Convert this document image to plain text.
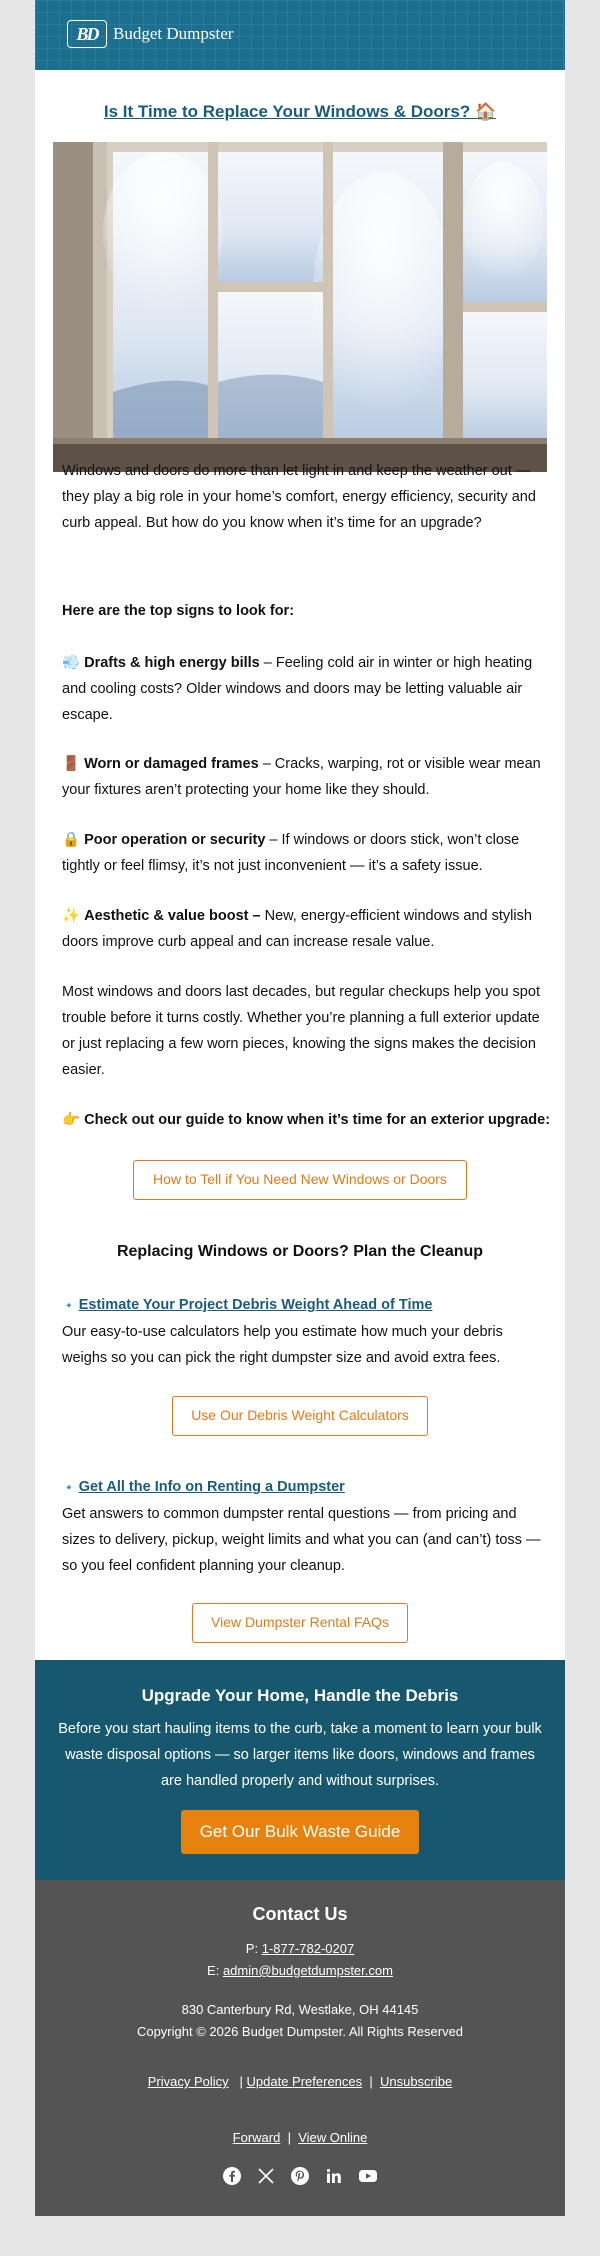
BD Budget Dumpster
Is It Time to Replace Your Windows & Doors? 🏠

Windows and doors do more than let light in and keep the weather out — they play a big role in your home’s comfort, energy efficiency, security and curb appeal. But how do you know when it’s time for an upgrade?

Here are the top signs to look for:

💨 Drafts & high energy bills – Feeling cold air in winter or high heating and cooling costs? Older windows and doors may be letting valuable air escape.

🚪 Worn or damaged frames – Cracks, warping, rot or visible wear mean your fixtures aren’t protecting your home like they should.

🔒 Poor operation or security – If windows or doors stick, won’t close tightly or feel flimsy, it’s not just inconvenient — it’s a safety issue.

✨ Aesthetic & value boost – New, energy-efficient windows and stylish doors improve curb appeal and can increase resale value.

Most windows and doors last decades, but regular checkups help you spot trouble before it turns costly. Whether you’re planning a full exterior update or just replacing a few worn pieces, knowing the signs makes the decision easier.

👉 Check out our guide to know when it’s time for an exterior upgrade:

How to Tell if You Need New Windows or Doors
Replacing Windows or Doors? Plan the Cleanup

🔹 Estimate Your Project Debris Weight Ahead of Time

Our easy-to-use calculators help you estimate how much your debris weighs so you can pick the right dumpster size and avoid extra fees.

Use Our Debris Weight Calculators

🔹 Get All the Info on Renting a Dumpster

Get answers to common dumpster rental questions — from pricing and sizes to delivery, pickup, weight limits and what you can (and can’t) toss — so you feel confident planning your cleanup.

View Dumpster Rental FAQs
Upgrade Your Home, Handle the Debris
Before you start hauling items to the curb, take a moment to learn your bulk waste disposal options — so larger items like doors, windows and frames are handled properly and without surprises.
Get Our Bulk Waste Guide
Contact Us
P: 1-877-782-0207
E: admin@budgetdumpster.com
830 Canterbury Rd, Westlake, OH 44145
Copyright © 2026 Budget Dumpster. All Rights Reserved
Privacy Policy   | Update Preferences  |  Unsubscribe
Forward  |  View Online
